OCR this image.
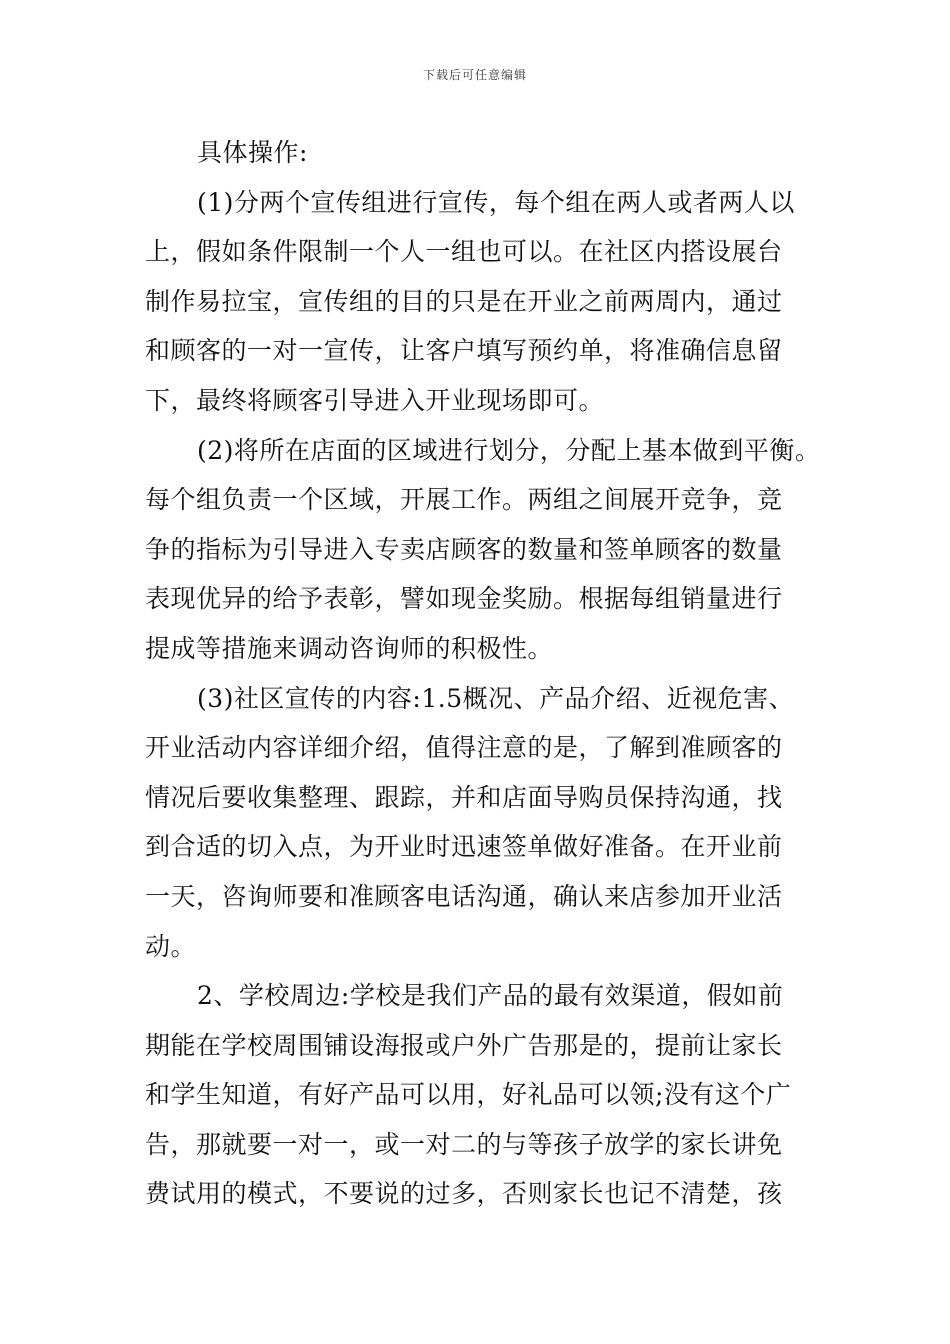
下载后可任意编辑
具体操作:
(1)分两个宣传组进行宣传，每个组在两人或者两人以
上，假如条件限制一个人一组也可以。在社区内搭设展台
制作易拉宝，宣传组的目的只是在开业之前两周内，通过
和顾客的一对一宣传，让客户填写预约单，将准确信息留
下，最终将顾客引导进入开业现场即可。
(2)将所在店面的区域进行划分，分配上基本做到平衡。
每个组负责一个区域，开展工作。两组之间展开竞争，竞
争的指标为引导进入专卖店顾客的数量和签单顾客的数量
表现优异的给予表彰，譬如现金奖励。根据每组销量进行
提成等措施来调动咨询师的积极性。
(3)社区宣传的内容:1.5概况、产品介绍、近视危害、
开业活动内容详细介绍，值得注意的是，了解到准顾客的
情况后要收集整理、跟踪，并和店面导购员保持沟通，找
到合适的切入点，为开业时迅速签单做好准备。在开业前
一天，咨询师要和准顾客电话沟通，确认来店参加开业活
动。
2、学校周边:学校是我们产品的最有效渠道，假如前
期能在学校周围铺设海报或户外广告那是的，提前让家长
和学生知道，有好产品可以用，好礼品可以领;没有这个广
告，那就要一对一，或一对二的与等孩子放学的家长讲免
费试用的模式，不要说的过多，否则家长也记不清楚，孩
